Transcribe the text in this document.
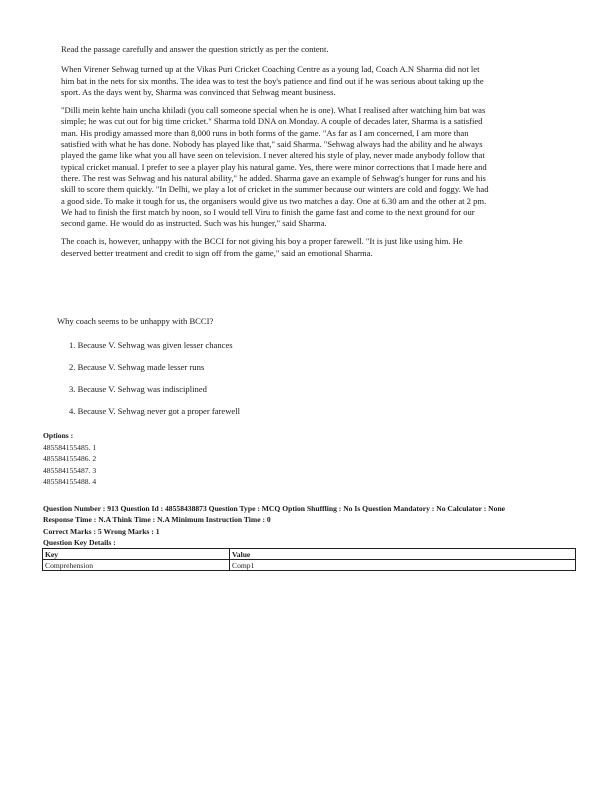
Read the passage carefully and answer the question strictly as per the content.

When Virener Sehwag turned up at the Vikas Puri Cricket Coaching Centre as a young lad, Coach A.N Sharma did not let him bat in the nets for six months. The idea was to test the boy's patience and find out if he was serious about taking up the sport. As the days went by, Sharma was convinced that Sehwag meant business.

"Dilli mein kehte hain uncha khiladi (you call someone special when he is one). What I realised after watching him bat was simple; he was cut out for big time cricket." Sharma told DNA on Monday. A couple of decades later, Sharma is a satisfied man. His prodigy amassed more than 8,000 runs in both forms of the game. "As far as I am concerned, I am more than satisfied with what he has done. Nobody has played like that," said Sharma. "Sehwag always had the ability and he always played the game like what you all have seen on television. I never altered his style of play, never made anybody follow that typical cricket manual. I prefer to see a player play his natural game. Yes, there were minor corrections that I made here and there. The rest was Sehwag and his natural ability," he added. Sharma gave an example of Sehwag's hunger for runs and his skill to score them quickly. "In Delhi, we play a lot of cricket in the summer because our winters are cold and foggy. We had a good side. To make it tough for us, the organisers would give us two matches a day. One at 6.30 am and the other at 2 pm. We had to finish the first match by noon, so I would tell Viru to finish the game fast and come to the next ground for our second game. He would do as instructed. Such was his hunger," said Sharma.

The coach is, however, unhappy with the BCCI for not giving his boy a proper farewell. "It is just like using him. He deserved better treatment and credit to sign off from the game," said an emotional Sharma.

Why coach seems to be unhappy with BCCI?

1. Because V. Sehwag was given lesser chances
2. Because V. Sehwag made lesser runs
3. Because V. Sehwag was indisciplined
4. Because V. Sehwag never got a proper farewell
Options :
485584155485. 1
485584155486. 2
485584155487. 3
485584155488. 4
Question Number : 913 Question Id : 48558438873 Question Type : MCQ Option Shuffling : No Is Question Mandatory : No Calculator : None
Response Time : N.A Think Time : N.A Minimum Instruction Time : 0
Correct Marks : 5 Wrong Marks : 1
Question Key Details :
Key	Value
Comprehension	Comp1
